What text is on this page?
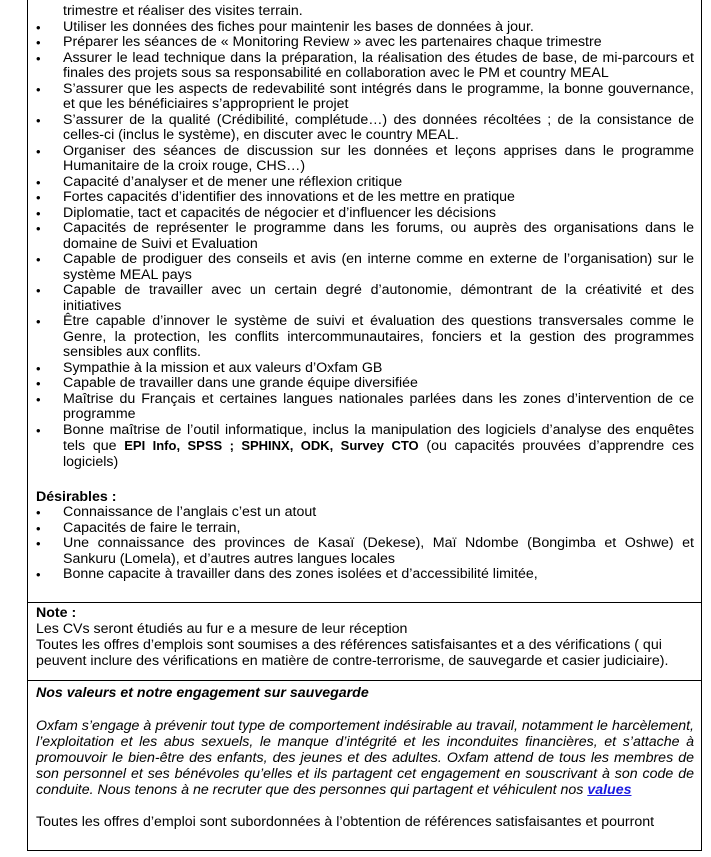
trimestre et réaliser des visites terrain.
• Utiliser les données des fiches pour maintenir les bases de données à jour.
• Préparer les séances de « Monitoring Review » avec les partenaires chaque trimestre
• Assurer le lead technique dans la préparation, la réalisation des études de base, de mi-parcours et finales des projets sous sa responsabilité en collaboration avec le PM et country MEAL
• S’assurer que les aspects de redevabilité sont intégrés dans le programme, la bonne gouvernance, et que les bénéficiaires s’approprient le projet
• S’assurer de la qualité (Crédibilité, complétude…) des données récoltées ; de la consistance de celles-ci (inclus le système), en discuter avec le country MEAL.
• Organiser des séances de discussion sur les données et leçons apprises dans le programme Humanitaire de la croix rouge, CHS…)
• Capacité d’analyser et de mener une réflexion critique
• Fortes capacités d’identifier des innovations et de les mettre en pratique
• Diplomatie, tact et capacités de négocier et d’influencer les décisions
• Capacités de représenter le programme dans les forums, ou auprès des organisations dans le domaine de Suivi et Evaluation
• Capable de prodiguer des conseils et avis (en interne comme en externe de l’organisation) sur le système MEAL pays
• Capable de travailler avec un certain degré d’autonomie, démontrant de la créativité et des initiatives
• Être capable d’innover le système de suivi et évaluation des questions transversales comme le Genre, la protection, les conflits intercommunautaires, fonciers et la gestion des programmes sensibles aux conflits.
• Sympathie à la mission et aux valeurs d’Oxfam GB
• Capable de travailler dans une grande équipe diversifiée
• Maîtrise du Français et certaines langues nationales parlées dans les zones d’intervention de ce programme
• Bonne maîtrise de l’outil informatique, inclus la manipulation des logiciels d’analyse des enquêtes tels que EPI Info, SPSS ; SPHINX, ODK, Survey CTO (ou capacités prouvées d’apprendre ces logiciels)
Désirables :
• Connaissance de l’anglais c’est un atout
• Capacités de faire le terrain,
• Une connaissance des provinces de Kasaï (Dekese), Maï Ndombe (Bongimba et Oshwe) et Sankuru (Lomela), et d’autres autres langues locales
• Bonne capacite à travailler dans des zones isolées et d’accessibilité limitée,
Note :
Les CVs seront étudiés au fur e a mesure de leur réception
Toutes les offres d’emplois sont soumises a des références satisfaisantes et a des vérifications ( qui peuvent inclure des vérifications en matière de contre-terrorisme, de sauvegarde et casier judiciaire).
Nos valeurs et notre engagement sur sauvegarde
Oxfam s’engage à prévenir tout type de comportement indésirable au travail, notamment le harcèlement, l’exploitation et les abus sexuels, le manque d’intégrité et les inconduites financières, et s’attache à promouvoir le bien-être des enfants, des jeunes et des adultes. Oxfam attend de tous les membres de son personnel et ses bénévoles qu’elles et ils partagent cet engagement en souscrivant à son code de conduite. Nous tenons à ne recruter que des personnes qui partagent et véhiculent nos values
Toutes les offres d’emploi sont subordonnées à l’obtention de références satisfaisantes et pourront
